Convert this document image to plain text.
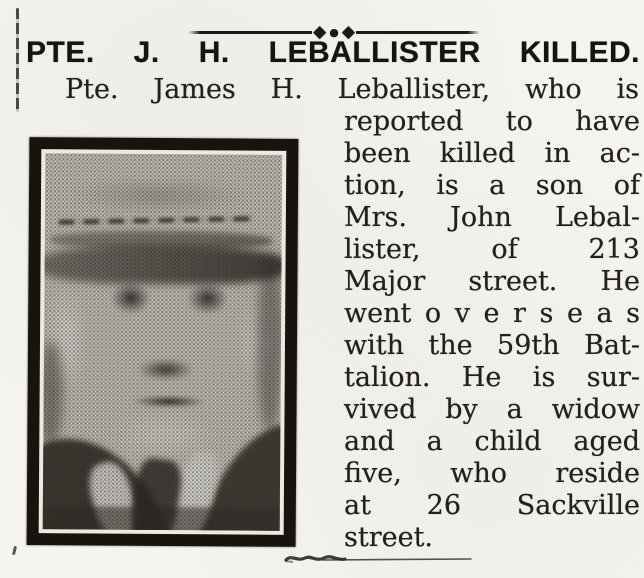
◆ ● ◆
PTE. J. H. LEBALLISTER KILLED.
Pte. James H. Leballister, who is
reported to have
been killed in ac-
tion, is a son of
Mrs. John Lebal-
lister, of 213
Major street. He
went o v e r s e a s
with the 59th Bat-
talion. He is sur-
vived by a widow
and a child aged
five, who reside
at 26 Sackville
street.
